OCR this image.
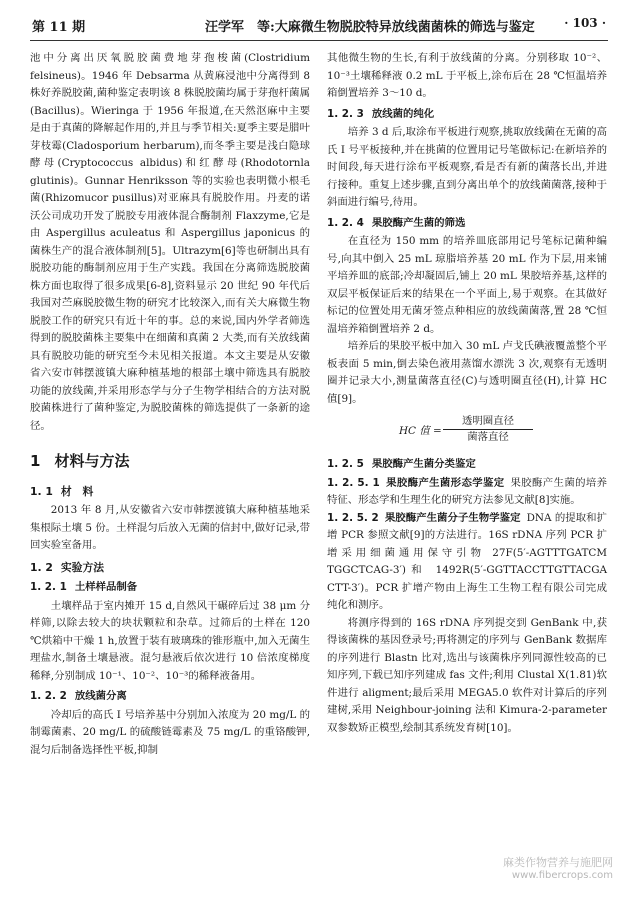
第 11 期	汪学军　等:大麻微生物脱胶特异放线菌菌株的筛选与鉴定 · 103 ·

池中分离出厌氧脱胶菌费地芽孢梭菌(Clostridium felsineus)。1946 年 Debsarma 从黄麻浸池中分离得到 8 株好养脱胶菌,菌种鉴定表明该 8 株脱胶菌均属于芽孢杆菌属(Bacillus)。Wieringa 于 1956 年报道,在天然沤麻中主要是由于真菌的降解起作用的,并且与季节相关:夏季主要是腊叶芽枝霉(Cladosporium herbarum),而冬季主要是浅白隐球酵母(Cryptococcus albidus)和红酵母(Rhodotornla glutinis)。Gunnar Henriksson 等的实验也表明微小根毛菌(Rhizomucor pusillus)对亚麻具有脱胶作用。丹麦的诺沃公司成功开发了脱胶专用液体混合酶制剂 Flaxzyme,它是由 Aspergillus aculeatus 和 Aspergillus japonicus 的菌株生产的混合液体制剂[5]。Ultrazym[6]等也研制出具有脱胶功能的酶制剂应用于生产实践。我国在分离筛选脱胶菌株方面也取得了很多成果[6-8],资料显示 20 世纪 90 年代后我国对苎麻脱胶微生物的研究才比较深入,而有关大麻微生物脱胶工作的研究只有近十年的事。总的来说,国内外学者筛选得到的脱胶菌株主要集中在细菌和真菌 2 大类,而有关放线菌具有脱胶功能的研究至今未见相关报道。本文主要是从安徽省六安市韩摆渡镇大麻种植基地的根部土壤中筛选具有脱胶功能的放线菌,并采用形态学与分子生物学相结合的方法对脱胶菌株进行了菌种鉴定,为脱胶菌株的筛选提供了一条新的途径。

1 材料与方法
1. 1 材　料

2013 年 8 月,从安徽省六安市韩摆渡镇大麻种植基地采集根际土壤 5 份。土样混匀后放入无菌的信封中,做好记录,带回实验室备用。

1. 2 实验方法
1. 2. 1 土样样品制备

土壤样品于室内摊开 15 d,自然风干碾碎后过 38 μm 分样筛,以除去较大的块状颗粒和杂草。过筛后的土样在 120 ℃烘箱中干燥 1 h,放置于装有玻璃珠的锥形瓶中,加入无菌生理盐水,制备土壤悬液。混匀悬液后依次进行 10 倍浓度梯度稀释,分别制成 10⁻¹、10⁻²、10⁻³的稀释液备用。

1. 2. 2 放线菌分离

冷却后的高氏 I 号培养基中分别加入浓度为 20 mg/L 的制霉菌素、20 mg/L 的硫酸链霉素及 75 mg/L 的重铬酸钾,混匀后制备选择性平板,抑制

其他微生物的生长,有利于放线菌的分离。分别移取 10⁻²、10⁻³土壤稀释液 0.2 mL 于平板上,涂布后在 28 ℃恒温培养箱倒置培养 3～10 d。

1. 2. 3 放线菌的纯化

培养 3 d 后,取涂布平板进行观察,挑取放线菌在无菌的高氏 I 号平板接种,并在挑菌的位置用记号笔做标记:在新培养的时间段,每天进行涂布平板观察,看是否有新的菌落长出,并进行接种。重复上述步骤,直到分离出单个的放线菌菌落,接种于斜面进行编号,待用。

1. 2. 4 果胶酶产生菌的筛选

在直径为 150 mm 的培养皿底部用记号笔标记菌种编号,向其中倒入 25 mL 琼脂培养基 20 mL 作为下层,用来铺平培养皿的底部;冷却凝固后,铺上 20 mL 果胶培养基,这样的双层平板保证后来的结果在一个平面上,易于观察。在其做好标记的位置处用无菌牙签点种相应的放线菌菌落,置 28 ℃恒温培养箱倒置培养 2 d。

培养后的果胶平板中加入 30 mL 卢戈氏碘液覆盖整个平板表面 5 min,倒去染色液用蒸馏水漂洗 3 次,观察有无透明圈并记录大小,测量菌落直径(C)与透明圈直径(H),计算 HC 值[9]。

HC 值 =
透明圈直径
菌落直径
1. 2. 5 果胶酶产生菌分类鉴定

1. 2. 5. 1 果胶酶产生菌形态学鉴定 果胶酶产生菌的培养特征、形态学和生理生化的研究方法参见文献[8]实施。

1. 2. 5. 2 果胶酶产生菌分子生物学鉴定 DNA 的提取和扩增 PCR 参照文献[9]的方法进行。16S rDNA 序列 PCR 扩增采用细菌通用保守引物 27F(5′-AGTTTGATCM TGGCTCAG-3′)和 1492R(5′-GGTTACCTTGTTACGA CTT-3′)。PCR 扩增产物由上海生工生物工程有限公司完成纯化和测序。

将测序得到的 16S rDNA 序列提交到 GenBank 中,获得该菌株的基因登录号;再将测定的序列与 GenBank 数据库的序列进行 Blastn 比对,选出与该菌株序列同源性较高的已知序列,下载已知序列建成 fas 文件;利用 Clustal X(1.81)软件进行 aligment;最后采用 MEGA5.0 软件对计算后的序列建树,采用 Neighbour-joining 法和 Kimura-2-parameter 双参数矫正模型,绘制其系统发育树[10]。

麻类作物营养与施肥网
www.fibercrops.com
